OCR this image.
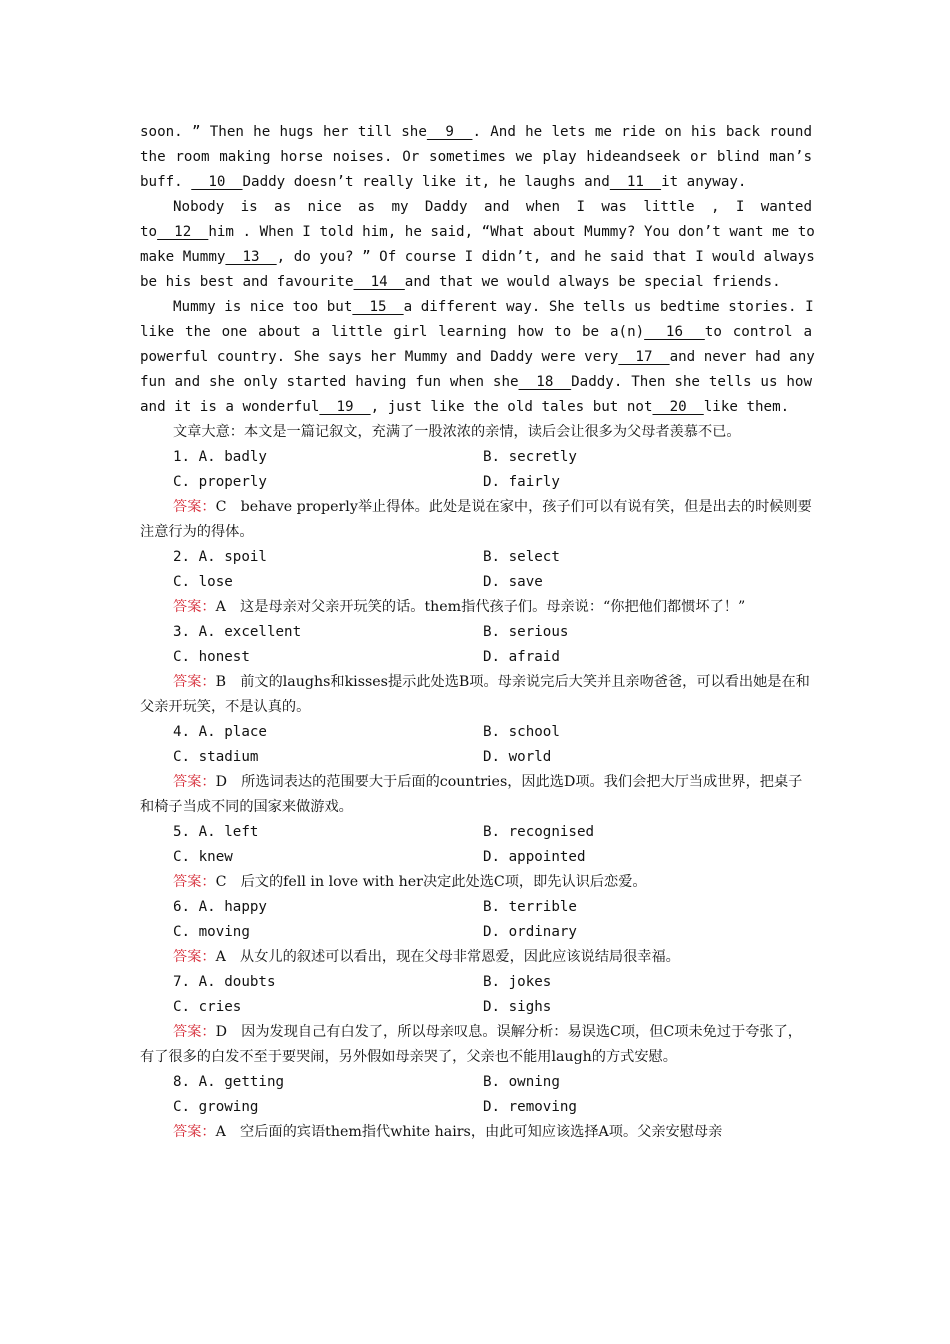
soon. ” Then he hugs her till she  9  . And he lets me ride on his back round

the room making horse noises. Or sometimes we play hideandseek or blind man’s

buff.   10  Daddy doesn’t really like it, he laughs and  11  it anyway.

Nobody is as nice as my Daddy and when I was little , I wanted

to  12  him . When I told him, he said, “What about Mummy? You don’t want me to

make Mummy  13  , do you? ” Of course I didn’t, and he said that I would always

be his best and favourite  14  and that we would always be special friends.

Mummy is nice too but  15  a different way. She tells us bedtime stories. I

like the one about a little girl learning how to be a(n)  16  to control a

powerful country. She says her Mummy and Daddy were very  17  and never had any

fun and she only started having fun when she  18  Daddy. Then she tells us how

and it is a wonderful  19  , just like the old tales but not  20  like them.

文章大意：本文是一篇记叙文，充满了一股浓浓的亲情，读后会让很多为父母者羡慕不已。

1. A. badly	B. secretly
C. properly	D. fairly

答案：C　behave properly举止得体。此处是说在家中，孩子们可以有说有笑，但是出去的时候则要注意行为的得体。

2. A. spoil	B. select
C. lose	D. save

答案：A　这是母亲对父亲开玩笑的话。them指代孩子们。母亲说：“你把他们都惯坏了！”

3. A. excellent	B. serious
C. honest	D. afraid

答案：B　前文的laughs和kisses提示此处选B项。母亲说完后大笑并且亲吻爸爸，可以看出她是在和父亲开玩笑，不是认真的。

4. A. place	B. school
C. stadium	D. world

答案：D　所选词表达的范围要大于后面的countries，因此选D项。我们会把大厅当成世界，把桌子和椅子当成不同的国家来做游戏。

5. A. left	B. recognised
C. knew	D. appointed

答案：C　后文的fell in love with her决定此处选C项，即先认识后恋爱。

6. A. happy	B. terrible
C. moving	D. ordinary

答案：A　从女儿的叙述可以看出，现在父母非常恩爱，因此应该说结局很幸福。

7. A. doubts	B. jokes
C. cries	D. sighs

答案：D　因为发现自己有白发了，所以母亲叹息。误解分析：易误选C项，但C项未免过于夸张了，有了很多的白发不至于要哭闹，另外假如母亲哭了，父亲也不能用laugh的方式安慰。

8. A. getting	B. owning
C. growing	D. removing

答案：A　空后面的宾语them指代white hairs，由此可知应该选择A项。父亲安慰母亲
